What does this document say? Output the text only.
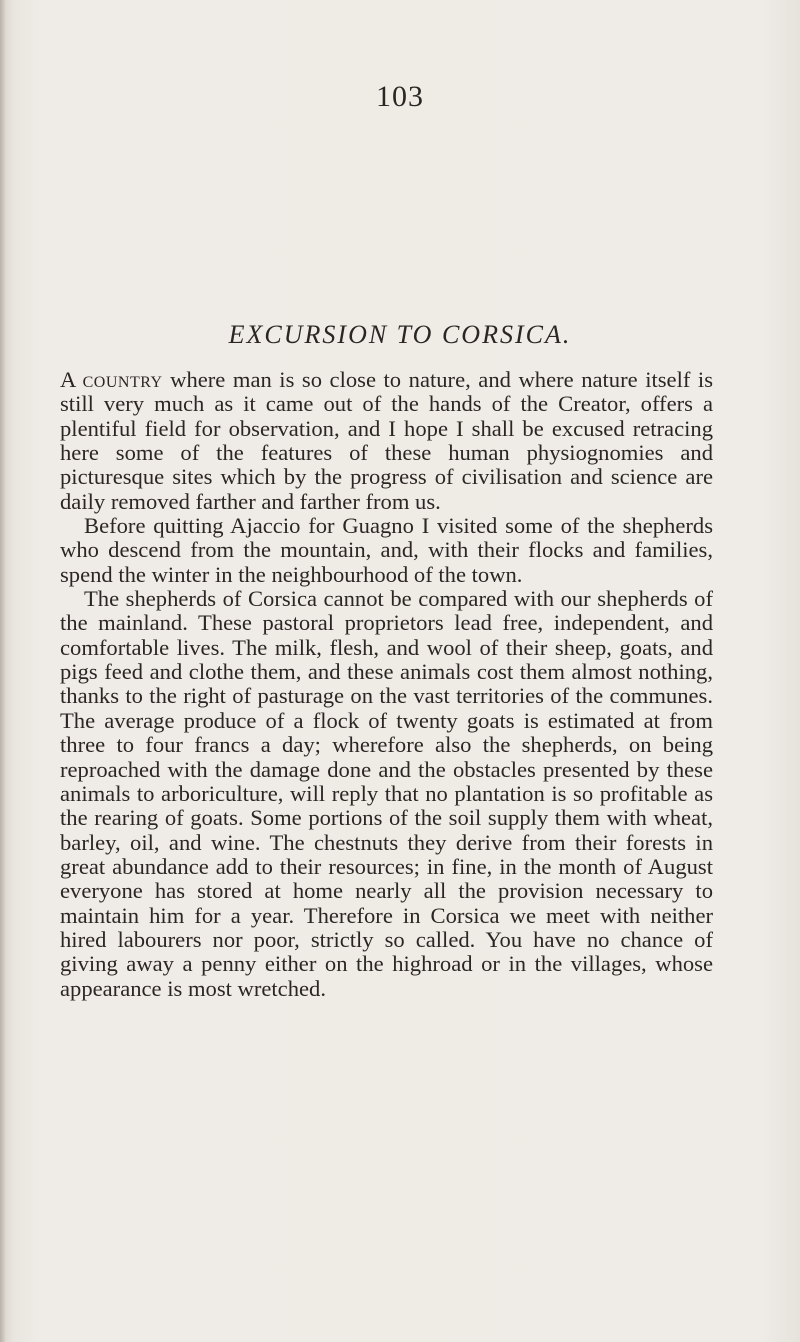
103
EXCURSION TO CORSICA.

A country where man is so close to nature, and where nature itself is still very much as it came out of the hands of the Creator, offers a plentiful field for observation, and I hope I shall be excused retracing here some of the features of these human physiognomies and picturesque sites which by the progress of civilisation and science are daily removed farther and farther from us.

Before quitting Ajaccio for Guagno I visited some of the shepherds who descend from the mountain, and, with their flocks and families, spend the winter in the neighbourhood of the town.

The shepherds of Corsica cannot be compared with our shepherds of the mainland. These pastoral proprietors lead free, independent, and comfortable lives. The milk, flesh, and wool of their sheep, goats, and pigs feed and clothe them, and these animals cost them almost nothing, thanks to the right of pasturage on the vast territories of the communes. The average produce of a flock of twenty goats is estimated at from three to four francs a day; wherefore also the shepherds, on being reproached with the damage done and the obstacles presented by these animals to arboriculture, will reply that no plantation is so profitable as the rearing of goats. Some portions of the soil supply them with wheat, barley, oil, and wine. The chestnuts they derive from their forests in great abundance add to their resources; in fine, in the month of August everyone has stored at home nearly all the provision necessary to maintain him for a year. Therefore in Corsica we meet with neither hired labourers nor poor, strictly so called. You have no chance of giving away a penny either on the highroad or in the villages, whose appearance is most wretched.
